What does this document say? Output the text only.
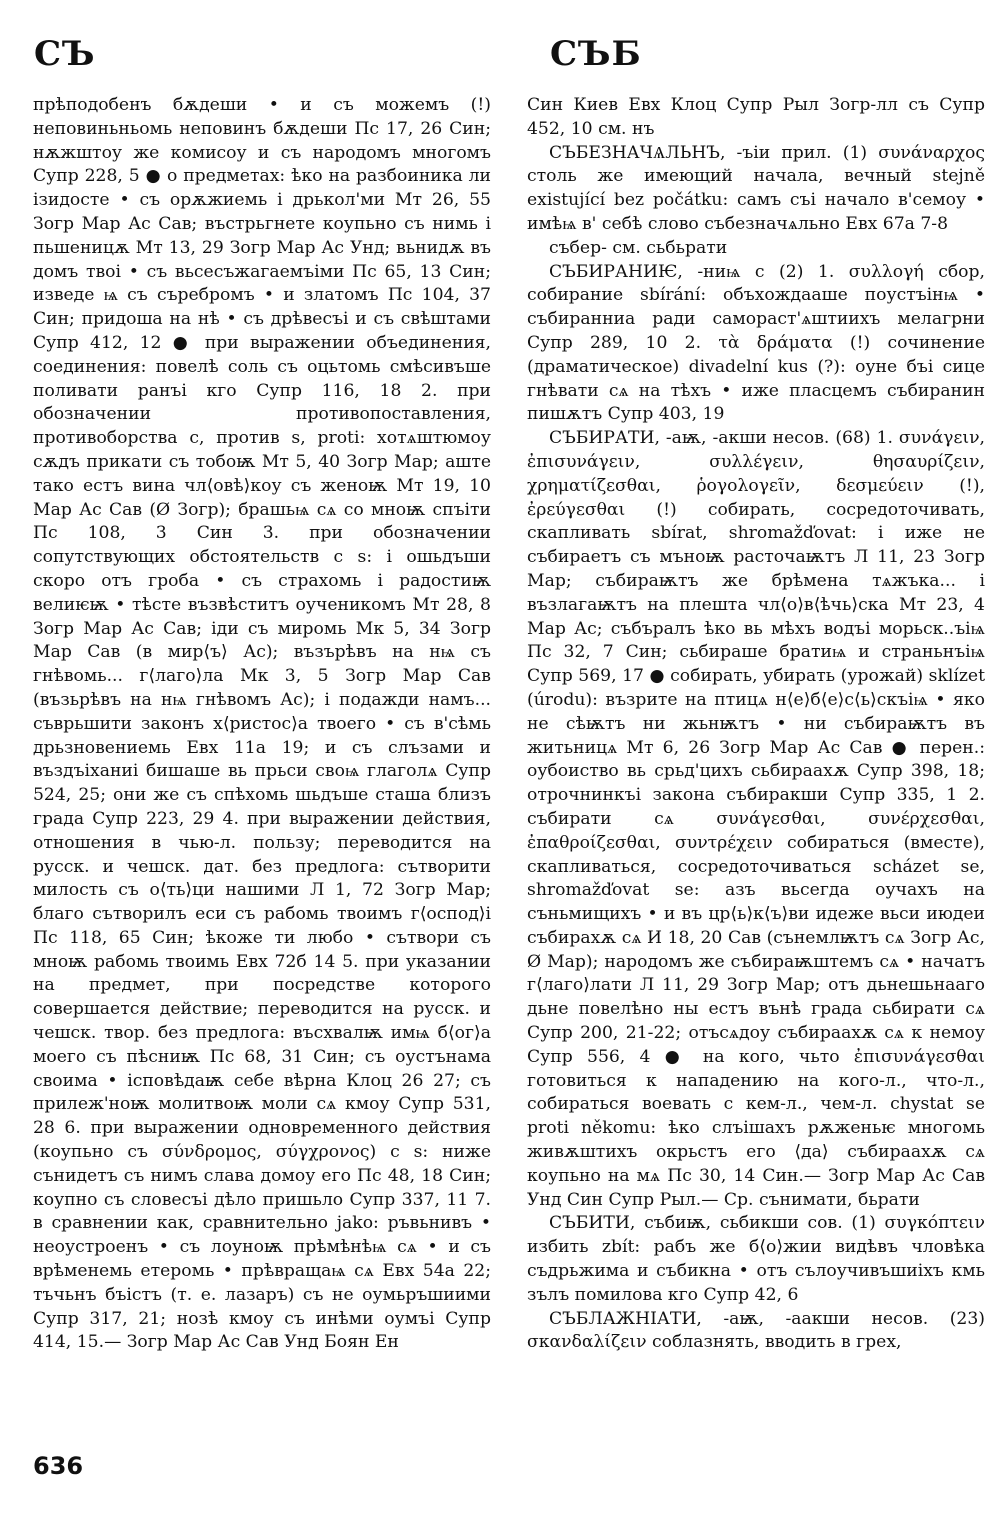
СЪ	СЪБ

прѣподобенъ бѫдеши • и съ можемъ (!) неповиньньомь неповинъ бѫдеши Пс 17, 26 Син; нѫжштоу же комисоу и съ народомъ многомъ Супр 228, 5 ● о предметах: ѣко на разбоиника ли ізидосте • съ орѫжиемь і дрькол'ми Мт 26, 55 Зогр Мар Ас Сав; въстрьгнете коупьно съ нимь і пьшеницѫ Мт 13, 29 Зогр Мар Ас Унд; вьнидѫ въ домъ твоі • съ вьсесъжагаемъіми Пс 65, 13 Син; изведе ѩ съ сърeбромъ • и златомъ Пс 104, 37 Син; придоша на нѣ • съ дрѣвесъі и съ свѣштами Супр 412, 12 ● при выражении объединения, соединения: повелѣ соль съ оцьтомь смѣсивъше поливати ранъі кго Супр 116, 18 2. при обозначении противопоставления, противоборства с, против s, proti: хотѧштюмоу сѫдъ прикати съ тобоѭ Мт 5, 40 Зогр Мар; аште тако естъ вина чл⟨овѣ⟩коу съ женоѭ Мт 19, 10 Мар Ас Сав (Ø Зогр); брашьѩ сѧ со мноѭ спъіти Пс 108, 3 Син 3. при обозначении сопутствующих обстоятельств с s: і ошьдъши скоро отъ гроба • съ страхомь і радостиѭ велиѥѭ • тѣсте възвѣститъ оученикомъ Мт 28, 8 Зогр Мар Ас Сав; іди съ миромь Мк 5, 34 Зогр Мар Сав (в мир⟨ъ⟩ Ас); възърѣвъ на нѩ съ гнѣвомь... г⟨лаго⟩ла Мк 3, 5 Зогр Мар Сав (възьрѣвъ на нѩ гнѣвомъ Ас); і подажди намъ... съврьшити законъ х⟨ристос⟩а твоего • съ в'сѣмь дрьзновениемь Евх 11а 19; и съ слъзами и въздъіханиі бишаше вь прьси своѩ глаголѧ Супр 524, 25; они же съ спѣхомь шьдъше сташа близъ града Супр 223, 29 4. при выражении действия, отношения в чью-л. пользу; переводится на русск. и чешск. дат. без предлога: сътворити милость съ о⟨ть⟩ци нашими Л 1, 72 Зогр Мар; благо сътворилъ еси съ рабомь твоимъ г⟨оспод⟩і Пс 118, 65 Син; ѣкоже ти любо • сътвори съ мноѭ рабомь твоимь Евх 72б 14 5. при указании на предмет, при посредстве которого совершается действие; переводится на русск. и чешск. твор. без предлога: въсхвалѭ имѩ б⟨ог⟩а моего съ пѣсниѭ Пс 68, 31 Син; съ оустънама своима • ісповѣдаѭ себе вѣрна Клоц 26 27; съ прилеж'ноѭ молитвоѭ моли сѧ кмоу Супр 531, 28 6. при выражении одновременного действия (коупьно съ σύνδρομος, σύγχρονος) с s: ниже сънидетъ съ нимъ слава домоу его Пс 48, 18 Син; коупно съ словесъі дѣло пришьло Супр 337, 11 7. в сравнении как, сравнительно jako: ръвьнивъ • неоустроенъ • съ лоуноѭ прѣмѣнѣѩ сѧ • и съ врѣменемь етеромь • прѣвращаѩ сѧ Евх 54а 22; тъчьнъ бъістъ (т. е. лазаръ) съ не оумьръшиими Супр 317, 21; нозѣ кмоу съ инѣми оумъі Супр 414, 15.— Зогр Мар Ас Сав Унд Боян Ен

Син Киев Евх Клоц Супр Рыл Зогр-лл съ Супр 452, 10 см. нъ

СЪБЕЗНАЧѦЛЬНЪ, -ъіи прил. (1) συνάναρχος столь же имеющий начала, вечный stejně existující bez počátku: самъ съі начало в'семоу • имѣѩ в' себѣ слово събезначѧльно Евх 67а 7-8

събер- см. сьбьрати

СЪБИРАНИѤ, -ниѩ с (2) 1. συλλογή сбор, собирание sbírání: объхождааше поустъінѩ • събиранниа ради самораст'ѧштиихъ мелагрни Супр 289, 10 2. τὰ δράματα (!) сочинение (драматическое) divadelní kus (?): оуне бъі сице гнѣвати сѧ на тѣхъ • иже пласцемъ събиранин пишѫтъ Супр 403, 19

СЪБИРАТИ, -аѭ, -акши несов. (68) 1. συνάγειν, ἐπισυνάγειν, συλλέγειν, θησαυρίζειν, χρηματίζεσθαι, ῥογολογεῖν, δεσμεύειν (!), ἐρεύγεσθαι (!) собирать, сосредоточивать, скапливать sbírat, shromažďovat: і иже не събираетъ съ мъноѭ расточаѭтъ Л 11, 23 Зогр Мар; събираѭтъ же брѣмена тѧжъка... і възлагаѭтъ на плешта чл⟨о⟩в⟨ѣчь⟩ска Мт 23, 4 Мар Ас; събъралъ ѣко вь мѣхъ водъі морьск..ъіѩ Пс 32, 7 Син; сьбираше братиѩ и страньнъіѩ Супр 569, 17 ● собирать, убирать (урожай) sklízet (úrodu): възрите на птицѧ н⟨е⟩б⟨е⟩с⟨ь⟩скъіѩ • яко не сѣѭтъ ни жьнѭтъ • ни събираѭтъ въ житьницѧ Мт 6, 26 Зогр Мар Ас Сав ● перен.: оубоиство вь срьд'цихъ сьбираахѫ Супр 398, 18; отрочнинкъі закона събиракши Супр 335, 1 2. събирати сѧ συνάγεσθαι, συνέρχεσθαι, ἐπαθροίζεσθαι, συντρέχειν собираться (вместе), скапливаться, сосредоточиваться scházet se, shromažďovat se: азъ вьсегда оучахъ на съньмищихъ • и въ цр⟨ь⟩к⟨ъ⟩ви идеже вьси июдеи събирахѫ сѧ И 18, 20 Сав (сънемлѭтъ сѧ Зогр Ас, Ø Мар); народомъ же събираѭштемъ сѧ • начатъ г⟨лаго⟩лати Л 11, 29 Зогр Мар; отъ дьнешьнааго дьне повелѣно ны естъ вънѣ града сьбирати сѧ Супр 200, 21-22; отъсѧдоу събираахѫ сѧ к немоу Супр 556, 4 ● на кого, чьто ἐπισυνάγεσθαι готовиться к нападению на кого-л., что-л., собираться воевать с кем-л., чем-л. chystat se proti někomu: ѣко слъішахъ рѫженьѥ многомь живѫштихъ окрьстъ его ⟨да⟩ събираахѫ сѧ коупьно на мѧ Пс 30, 14 Син.— Зогр Мар Ас Сав Унд Син Супр Рыл.— Ср. сънимати, бьрати

СЪБИТИ, събиѭ, сьбикши сов. (1) συγκόπτειν избить zbít: рабъ же б⟨о⟩жии видѣвъ чловѣка съдрьжима и събикна • отъ сълоучивъшиіхъ кмь зълъ помилова кго Супр 42, 6

СЪБЛАЖНІАТИ, -аѭ, -аакши несов. (23) σκανδαλίζειν соблазнять, вводить в грех,

636
